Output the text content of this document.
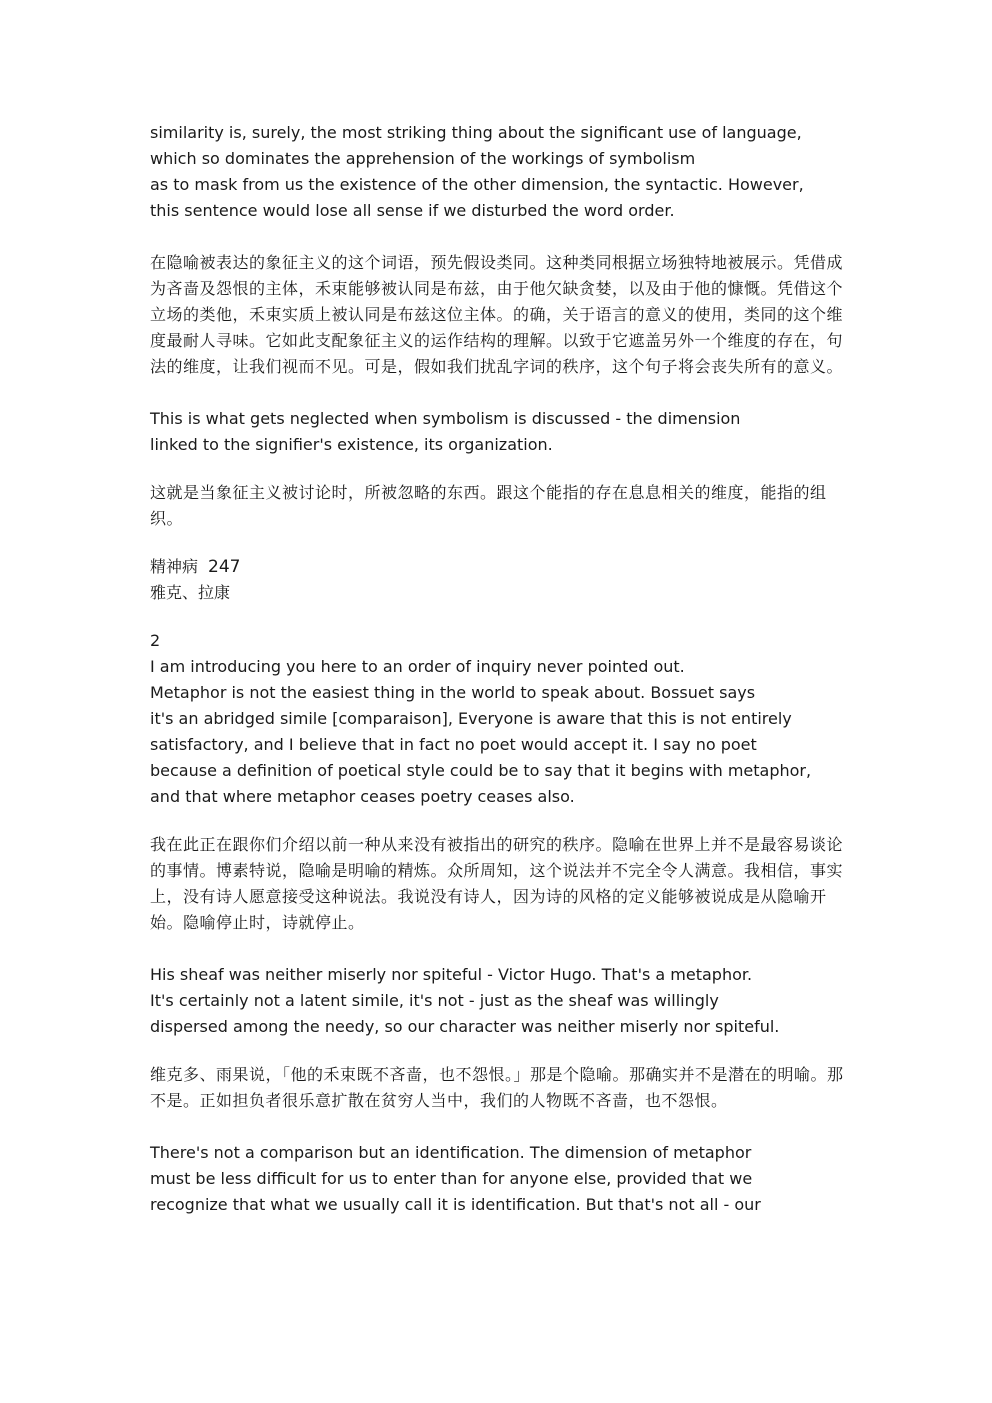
similarity is, surely, the most striking thing about the significant use of language,
which so dominates the apprehension of the workings of symbolism
as to mask from us the existence of the other dimension, the syntactic. However,
this sentence would lose all sense if we disturbed the word order.

在隐喻被表达的象征主义的这个词语，预先假设类同。这种类同根据立场独特地被展示。凭借成为吝啬及怨恨的主体，禾束能够被认同是布兹，由于他欠缺贪婪，以及由于他的慷慨。凭借这个立场的类他，禾束实质上被认同是布兹这位主体。的确，关于语言的意义的使用，类同的这个维度最耐人寻味。它如此支配象征主义的运作结构的理解。以致于它遮盖另外一个维度的存在，句法的维度，让我们视而不见。可是，假如我们扰乱字词的秩序，这个句子将会丧失所有的意义。

This is what gets neglected when symbolism is discussed - the dimension
linked to the signifier's existence, its organization.

这就是当象征主义被讨论时，所被忽略的东西。跟这个能指的存在息息相关的维度，能指的组织。

精神病 247
雅克、拉康
2

I am introducing you here to an order of inquiry never pointed out.
Metaphor is not the easiest thing in the world to speak about. Bossuet says
it's an abridged simile [comparaison], Everyone is aware that this is not entirely
satisfactory, and I believe that in fact no poet would accept it. I say no poet
because a definition of poetical style could be to say that it begins with metaphor,
and that where metaphor ceases poetry ceases also.

我在此正在跟你们介绍以前一种从来没有被指出的研究的秩序。隐喻在世界上并不是最容易谈论的事情。博素特说，隐喻是明喻的精炼。众所周知，这个说法并不完全令人满意。我相信，事实上，没有诗人愿意接受这种说法。我说没有诗人，因为诗的风格的定义能够被说成是从隐喻开始。隐喻停止时，诗就停止。

His sheaf was neither miserly nor spiteful - Victor Hugo. That's a metaphor.
It's certainly not a latent simile, it's not - just as the sheaf was willingly
dispersed among the needy, so our character was neither miserly nor spiteful.

维克多、雨果说，「他的禾束既不吝啬，也不怨恨。」那是个隐喻。那确实并不是潜在的明喻。那不是。正如担负者很乐意扩散在贫穷人当中，我们的人物既不吝啬，也不怨恨。

There's not a comparison but an identification. The dimension of metaphor
must be less difficult for us to enter than for anyone else, provided that we
recognize that what we usually call it is identification. But that's not all - our
